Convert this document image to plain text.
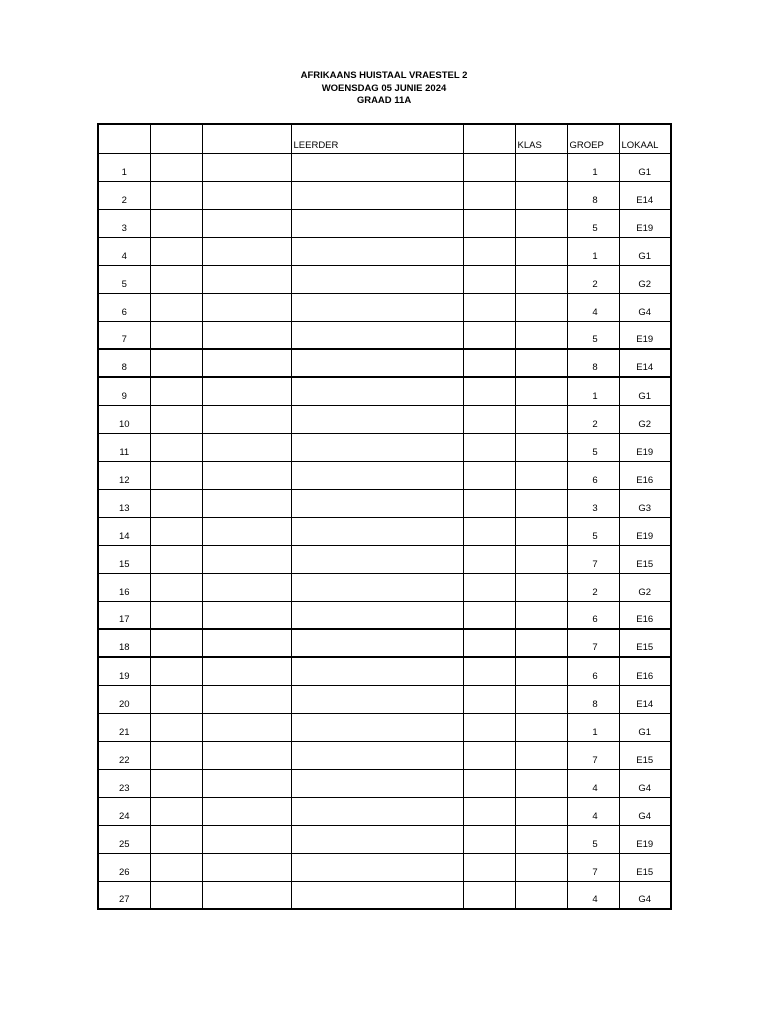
AFRIKAANS HUISTAAL VRAESTEL 2
WOENSDAG 05 JUNIE 2024
GRAAD 11A
			LEERDER		KLAS	GROEP	LOKAAL
1						1	G1
2						8	E14
3						5	E19
4						1	G1
5						2	G2
6						4	G4
7						5	E19
8						8	E14
9						1	G1
10						2	G2
11						5	E19
12						6	E16
13						3	G3
14						5	E19
15						7	E15
16						2	G2
17						6	E16
18						7	E15
19						6	E16
20						8	E14
21						1	G1
22						7	E15
23						4	G4
24						4	G4
25						5	E19
26						7	E15
27						4	G4
